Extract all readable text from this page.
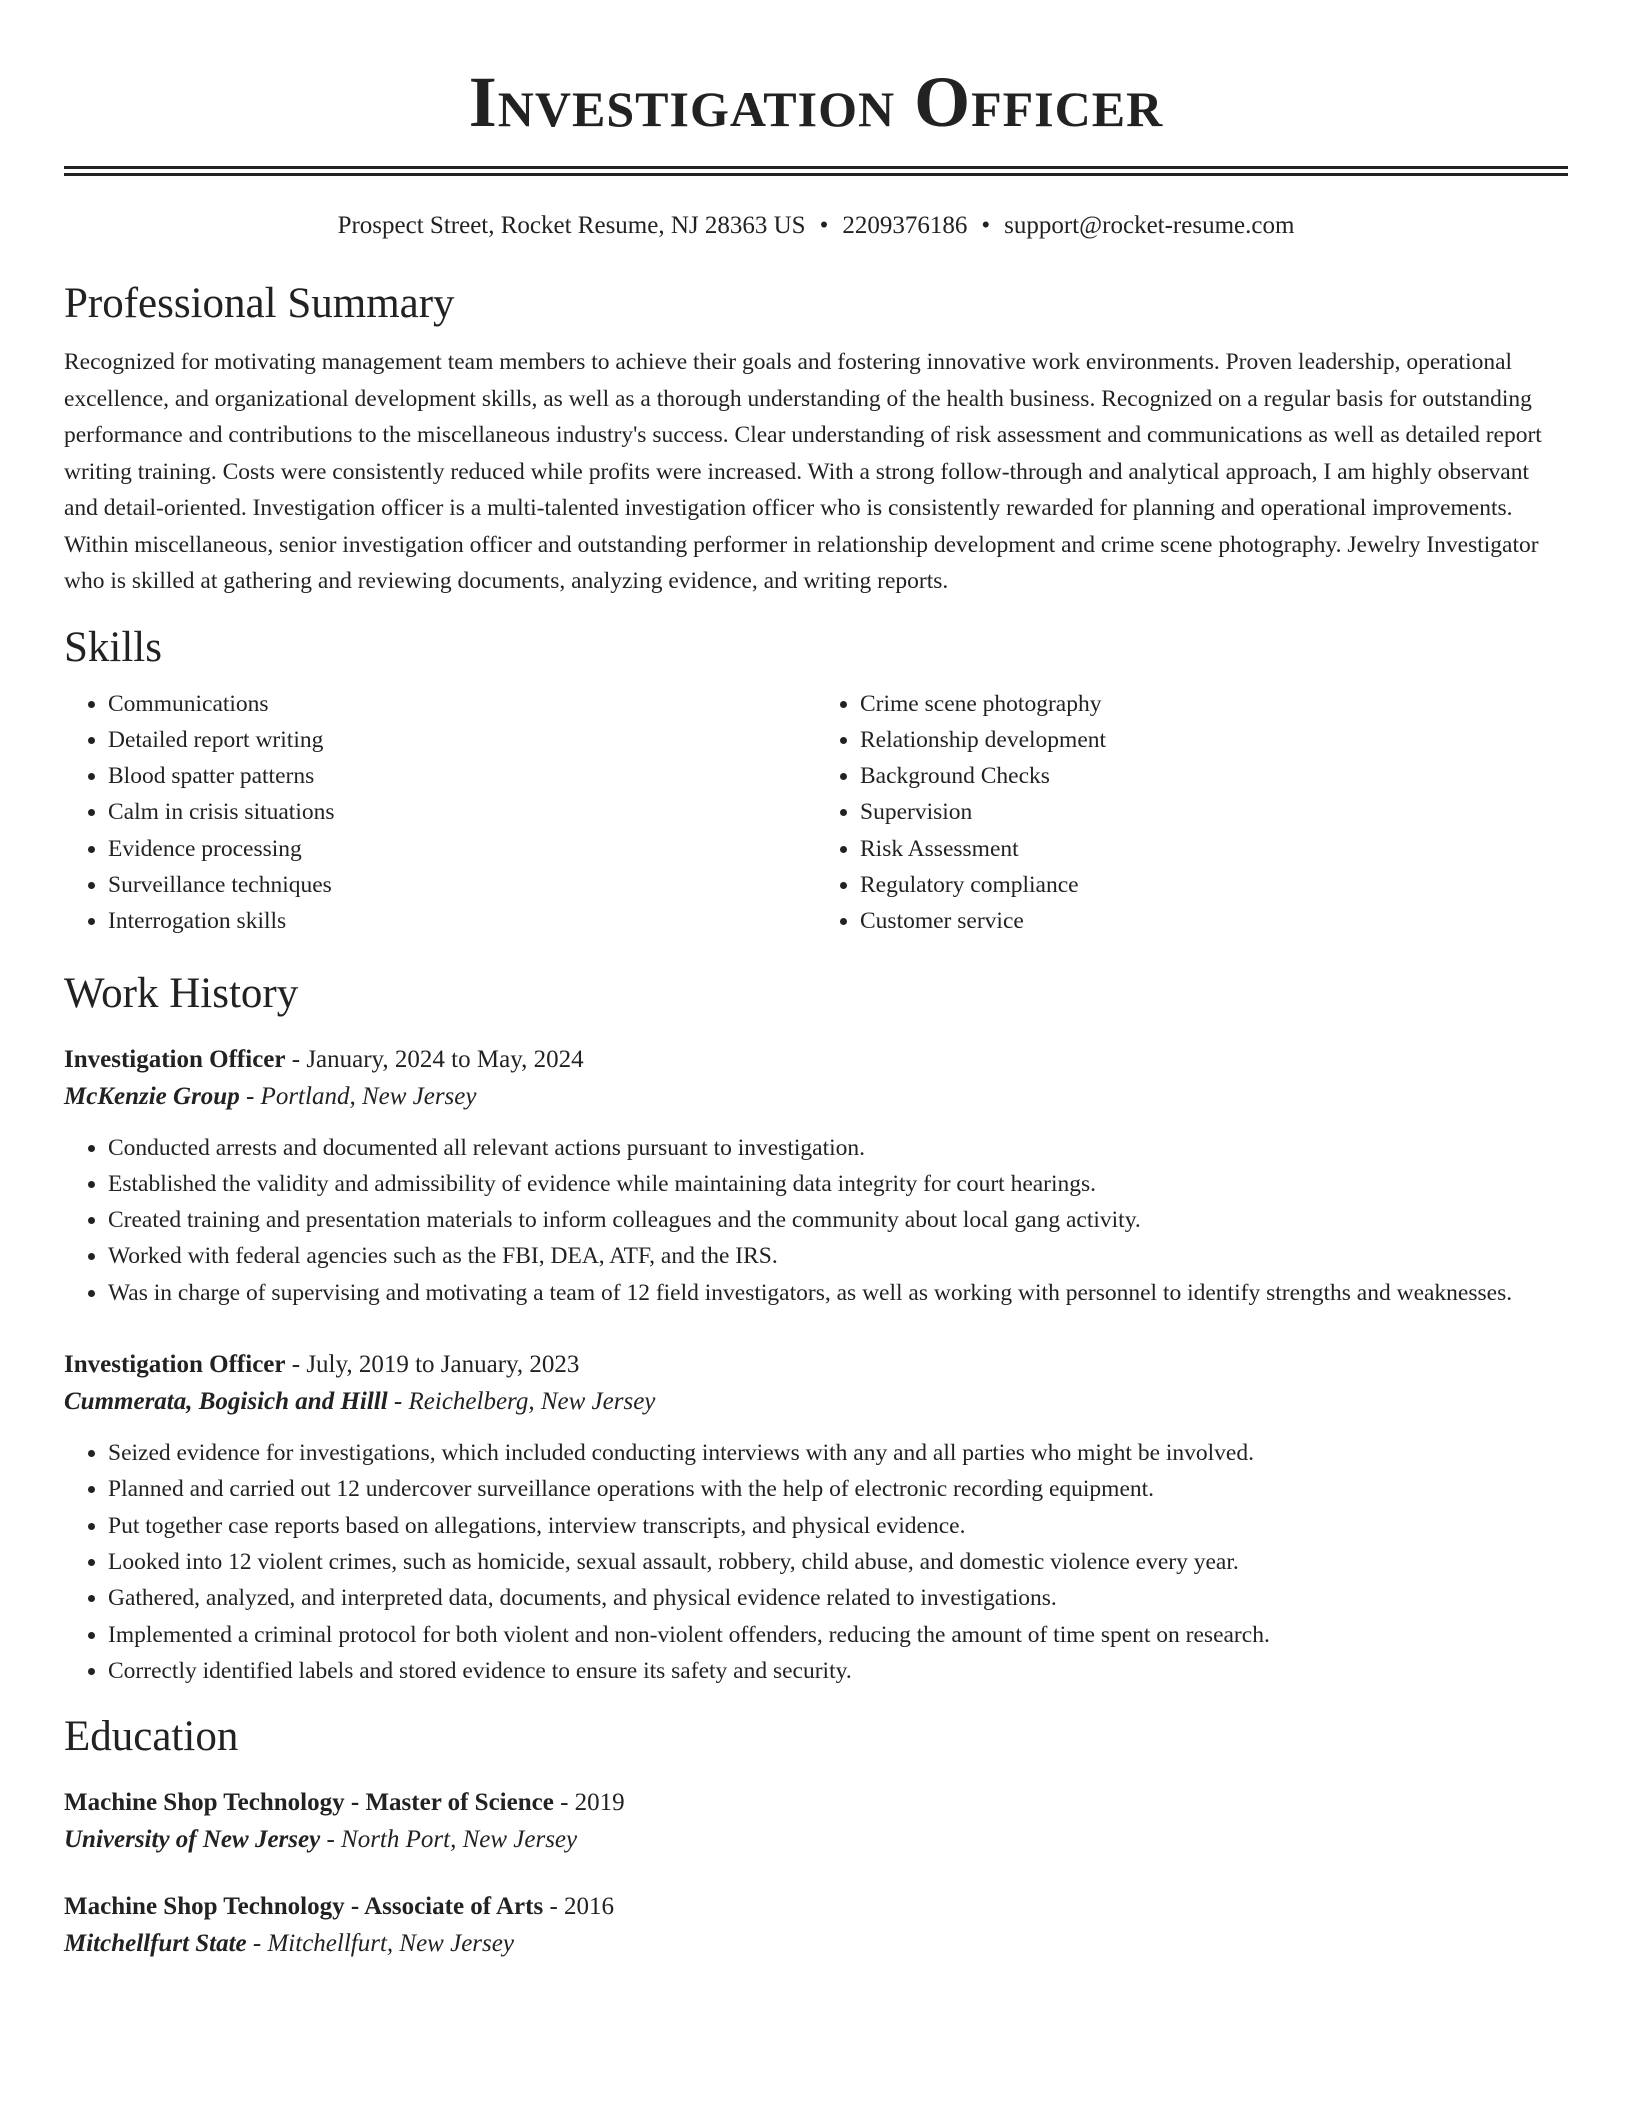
Investigation Officer
Prospect Street, Rocket Resume, NJ 28363 US • 2209376186 • support@rocket-resume.com
Professional Summary

Recognized for motivating management team members to achieve their goals and fostering innovative work environments. Proven leadership, operational excellence, and organizational development skills, as well as a thorough understanding of the health business. Recognized on a regular basis for outstanding performance and contributions to the miscellaneous industry's success. Clear understanding of risk assessment and communications as well as detailed report writing training. Costs were consistently reduced while profits were increased. With a strong follow-through and analytical approach, I am highly observant and detail-oriented. Investigation officer is a multi-talented investigation officer who is consistently rewarded for planning and operational improvements. Within miscellaneous, senior investigation officer and outstanding performer in relationship development and crime scene photography. Jewelry Investigator who is skilled at gathering and reviewing documents, analyzing evidence, and writing reports.

Skills
• Communications
• Detailed report writing
• Blood spatter patterns
• Calm in crisis situations
• Evidence processing
• Surveillance techniques
• Interrogation skills
• Crime scene photography
• Relationship development
• Background Checks
• Supervision
• Risk Assessment
• Regulatory compliance
• Customer service
Work History
Investigation Officer - January, 2024 to May, 2024
McKenzie Group - Portland, New Jersey
• Conducted arrests and documented all relevant actions pursuant to investigation.
• Established the validity and admissibility of evidence while maintaining data integrity for court hearings.
• Created training and presentation materials to inform colleagues and the community about local gang activity.
• Worked with federal agencies such as the FBI, DEA, ATF, and the IRS.
• Was in charge of supervising and motivating a team of 12 field investigators, as well as working with personnel to identify strengths and weaknesses.
Investigation Officer - July, 2019 to January, 2023
Cummerata, Bogisich and Hilll - Reichelberg, New Jersey
• Seized evidence for investigations, which included conducting interviews with any and all parties who might be involved.
• Planned and carried out 12 undercover surveillance operations with the help of electronic recording equipment.
• Put together case reports based on allegations, interview transcripts, and physical evidence.
• Looked into 12 violent crimes, such as homicide, sexual assault, robbery, child abuse, and domestic violence every year.
• Gathered, analyzed, and interpreted data, documents, and physical evidence related to investigations.
• Implemented a criminal protocol for both violent and non-violent offenders, reducing the amount of time spent on research.
• Correctly identified labels and stored evidence to ensure its safety and security.
Education
Machine Shop Technology - Master of Science - 2019
University of New Jersey - North Port, New Jersey
Machine Shop Technology - Associate of Arts - 2016
Mitchellfurt State - Mitchellfurt, New Jersey
